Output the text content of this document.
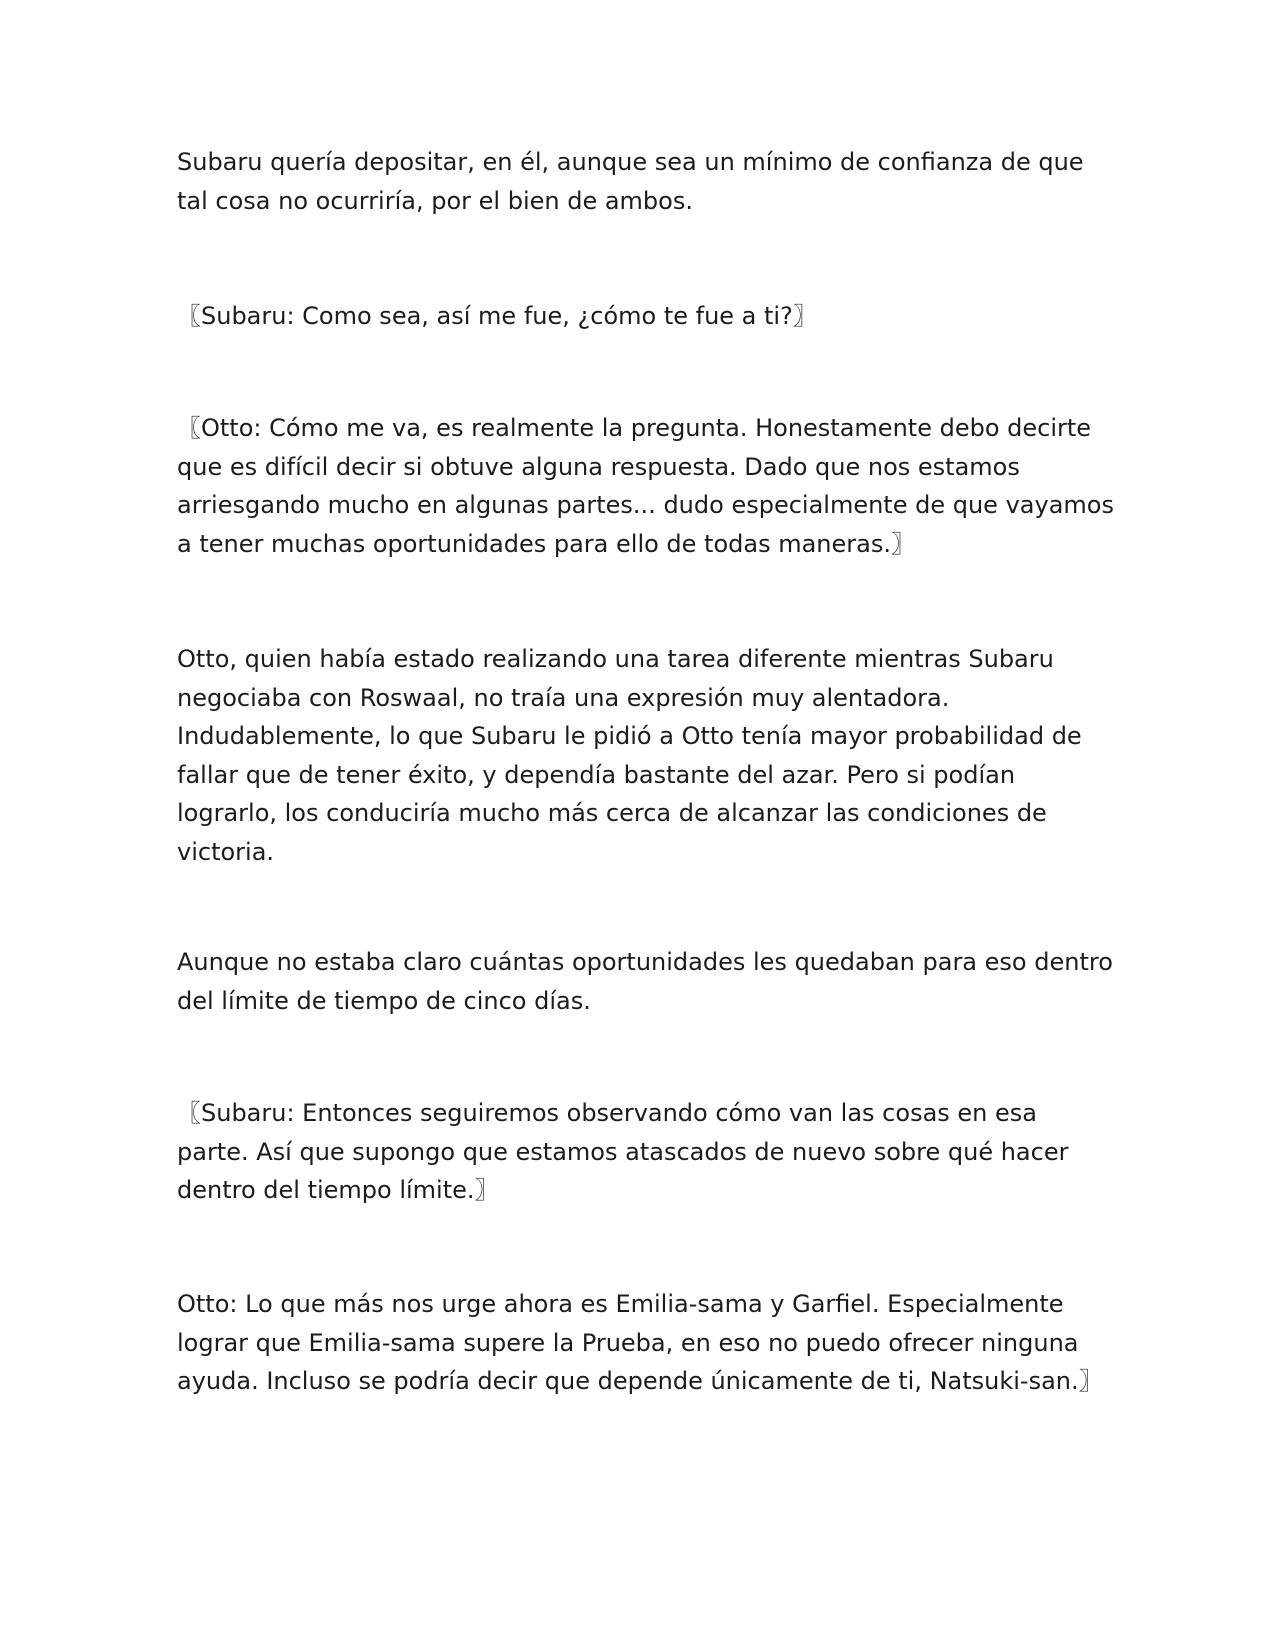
Subaru quería depositar, en él, aunque sea un mínimo de confianza de que
tal cosa no ocurriría, por el bien de ambos.

〖Subaru: Como sea, así me fue, ¿cómo te fue a ti?〗

〖Otto: Cómo me va, es realmente la pregunta. Honestamente debo decirte
que es difícil decir si obtuve alguna respuesta. Dado que nos estamos
arriesgando mucho en algunas partes... dudo especialmente de que vayamos
a tener muchas oportunidades para ello de todas maneras.〗

Otto, quien había estado realizando una tarea diferente mientras Subaru
negociaba con Roswaal, no traía una expresión muy alentadora.
Indudablemente, lo que Subaru le pidió a Otto tenía mayor probabilidad de
fallar que de tener éxito, y dependía bastante del azar. Pero si podían
lograrlo, los conduciría mucho más cerca de alcanzar las condiciones de
victoria.

Aunque no estaba claro cuántas oportunidades les quedaban para eso dentro
del límite de tiempo de cinco días.

〖Subaru: Entonces seguiremos observando cómo van las cosas en esa
parte. Así que supongo que estamos atascados de nuevo sobre qué hacer
dentro del tiempo límite.〗

Otto: Lo que más nos urge ahora es Emilia-sama y Garfiel. Especialmente
lograr que Emilia-sama supere la Prueba, en eso no puedo ofrecer ninguna
ayuda. Incluso se podría decir que depende únicamente de ti, Natsuki-san.〗
